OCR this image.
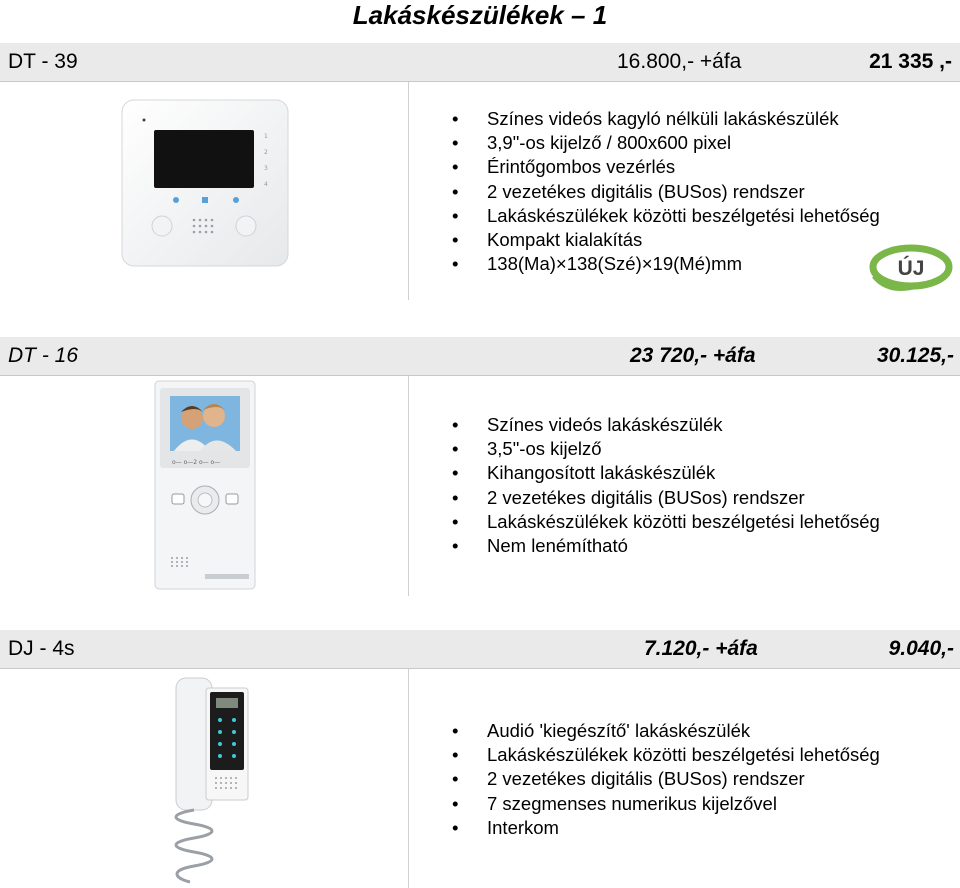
Lakáskészülékek – 1
DT - 39	16.800,- +áfa	21 335 ,-
1
2
3
4
• Színes videós kagyló nélküli lakáskészülék
• 3,9"-os kijelző / 800x600 pixel
• Érintőgombos vezérlés
• 2 vezetékes digitális (BUSos) rendszer
• Lakáskészülékek közötti beszélgetési lehetőség
• Kompakt kialakítás
• 138(Ma)×138(Szé)×19(Mé)mm	ÚJ
DT - 16	23 720,- +áfa	30.125,-
o— o—2 o— o—
• Színes videós lakáskészülék
• 3,5"-os kijelző
• Kihangosított lakáskészülék
• 2 vezetékes digitális (BUSos) rendszer
• Lakáskészülékek közötti beszélgetési lehetőség
• Nem lenémítható
DJ - 4s	7.120,- +áfa	9.040,-
• Audió 'kiegészítő' lakáskészülék
• Lakáskészülékek közötti beszélgetési lehetőség
• 2 vezetékes digitális (BUSos) rendszer
• 7 szegmenses numerikus kijelzővel
• Interkom
